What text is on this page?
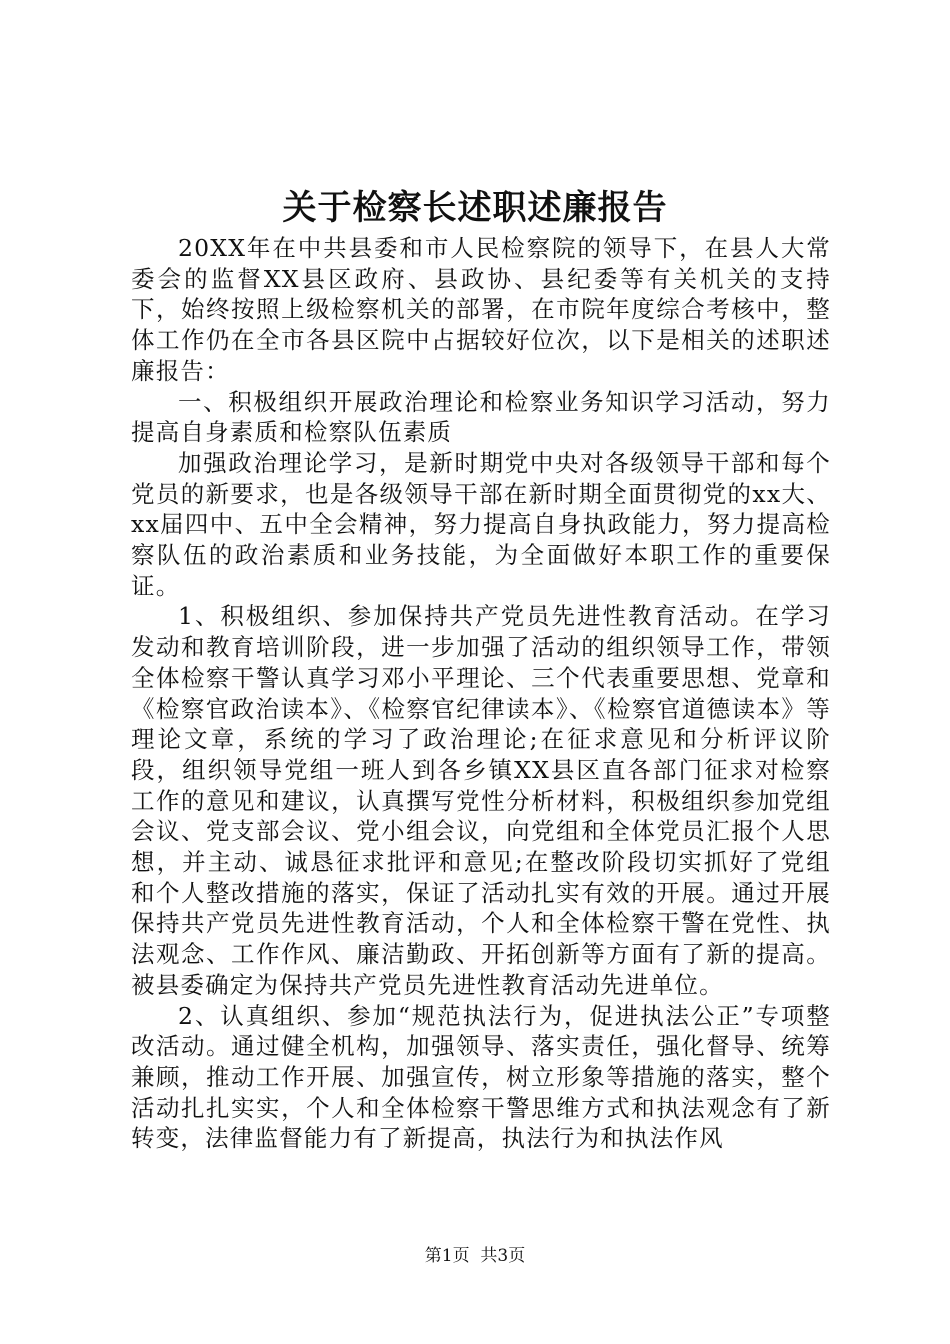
关于检察长述职述廉报告

20XX年在中共县委和市人民检察院的领导下，在县人大常委会的监督XX县区政府、县政协、县纪委等有关机关的支持下，始终按照上级检察机关的部署，在市院年度综合考核中，整体工作仍在全市各县区院中占据较好位次，以下是相关的述职述廉报告：

一、积极组织开展政治理论和检察业务知识学习活动，努力提高自身素质和检察队伍素质

加强政治理论学习，是新时期党中央对各级领导干部和每个党员的新要求，也是各级领导干部在新时期全面贯彻党的xx大、xx届四中、五中全会精神，努力提高自身执政能力，努力提高检察队伍的政治素质和业务技能，为全面做好本职工作的重要保证。

1、积极组织、参加保持共产党员先进性教育活动。在学习发动和教育培训阶段，进一步加强了活动的组织领导工作，带领全体检察干警认真学习邓小平理论、三个代表重要思想、党章和《检察官政治读本》、《检察官纪律读本》、《检察官道德读本》等理论文章，系统的学习了政治理论;在征求意见和分析评议阶段，组织领导党组一班人到各乡镇XX县区直各部门征求对检察工作的意见和建议，认真撰写党性分析材料，积极组织参加党组会议、党支部会议、党小组会议，向党组和全体党员汇报个人思想，并主动、诚恳征求批评和意见;在整改阶段切实抓好了党组和个人整改措施的落实，保证了活动扎实有效的开展。通过开展保持共产党员先进性教育活动，个人和全体检察干警在党性、执法观念、工作作风、廉洁勤政、开拓创新等方面有了新的提高。被县委确定为保持共产党员先进性教育活动先进单位。

2、认真组织、参加“规范执法行为，促进执法公正”专项整改活动。通过健全机构，加强领导、落实责任，强化督导、统筹兼顾，推动工作开展、加强宣传，树立形象等措施的落实，整个活动扎扎实实，个人和全体检察干警思维方式和执法观念有了新转变，法律监督能力有了新提高，执法行为和执法作风

第1页  共3页
